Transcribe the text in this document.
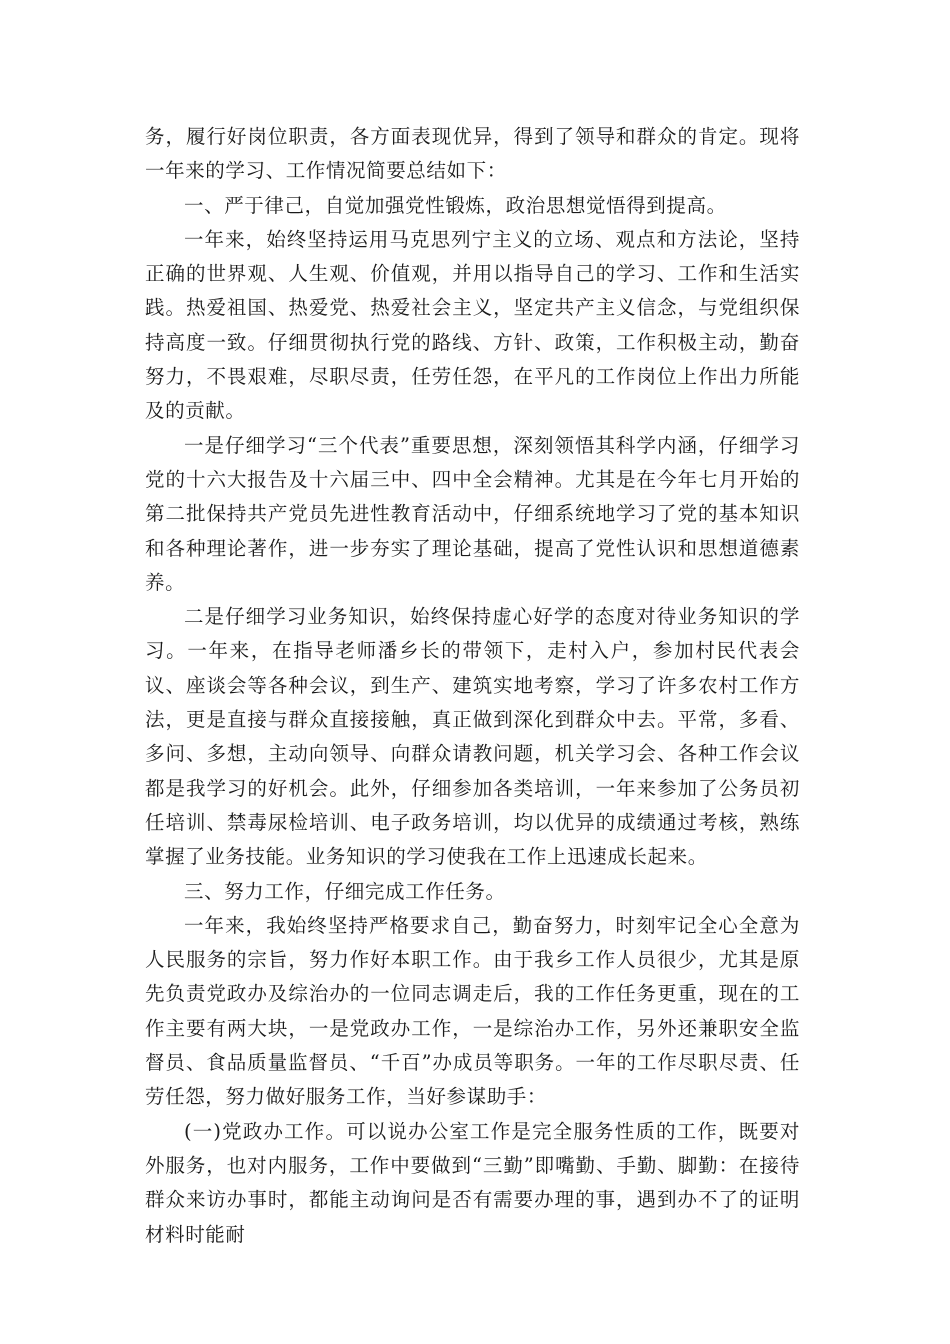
务，履行好岗位职责，各方面表现优异，得到了领导和群众的肯定。现将一年来的学习、工作情况简要总结如下：

一、严于律己，自觉加强党性锻炼，政治思想觉悟得到提高。

一年来，始终坚持运用马克思列宁主义的立场、观点和方法论，坚持正确的世界观、人生观、价值观，并用以指导自己的学习、工作和生活实践。热爱祖国、热爱党、热爱社会主义，坚定共产主义信念，与党组织保持高度一致。仔细贯彻执行党的路线、方针、政策，工作积极主动，勤奋努力，不畏艰难，尽职尽责，任劳任怨，在平凡的工作岗位上作出力所能及的贡献。

一是仔细学习“三个代表”重要思想，深刻领悟其科学内涵，仔细学习党的十六大报告及十六届三中、四中全会精神。尤其是在今年七月开始的第二批保持共产党员先进性教育活动中，仔细系统地学习了党的基本知识和各种理论著作，进一步夯实了理论基础，提高了党性认识和思想道德素养。

二是仔细学习业务知识，始终保持虚心好学的态度对待业务知识的学习。一年来，在指导老师潘乡长的带领下，走村入户，参加村民代表会议、座谈会等各种会议，到生产、建筑实地考察，学习了许多农村工作方法，更是直接与群众直接接触，真正做到深化到群众中去。平常，多看、多问、多想，主动向领导、向群众请教问题，机关学习会、各种工作会议都是我学习的好机会。此外，仔细参加各类培训，一年来参加了公务员初任培训、禁毒尿检培训、电子政务培训，均以优异的成绩通过考核，熟练掌握了业务技能。业务知识的学习使我在工作上迅速成长起来。

三、努力工作，仔细完成工作任务。

一年来，我始终坚持严格要求自己，勤奋努力，时刻牢记全心全意为人民服务的宗旨，努力作好本职工作。由于我乡工作人员很少，尤其是原先负责党政办及综治办的一位同志调走后，我的工作任务更重，现在的工作主要有两大块，一是党政办工作，一是综治办工作，另外还兼职安全监督员、食品质量监督员、“千百”办成员等职务。一年的工作尽职尽责、任劳任怨，努力做好服务工作，当好参谋助手：

(一)党政办工作。可以说办公室工作是完全服务性质的工作，既要对外服务，也对内服务，工作中要做到“三勤”即嘴勤、手勤、脚勤：在接待群众来访办事时，都能主动询问是否有需要办理的事，遇到办不了的证明材料时能耐
